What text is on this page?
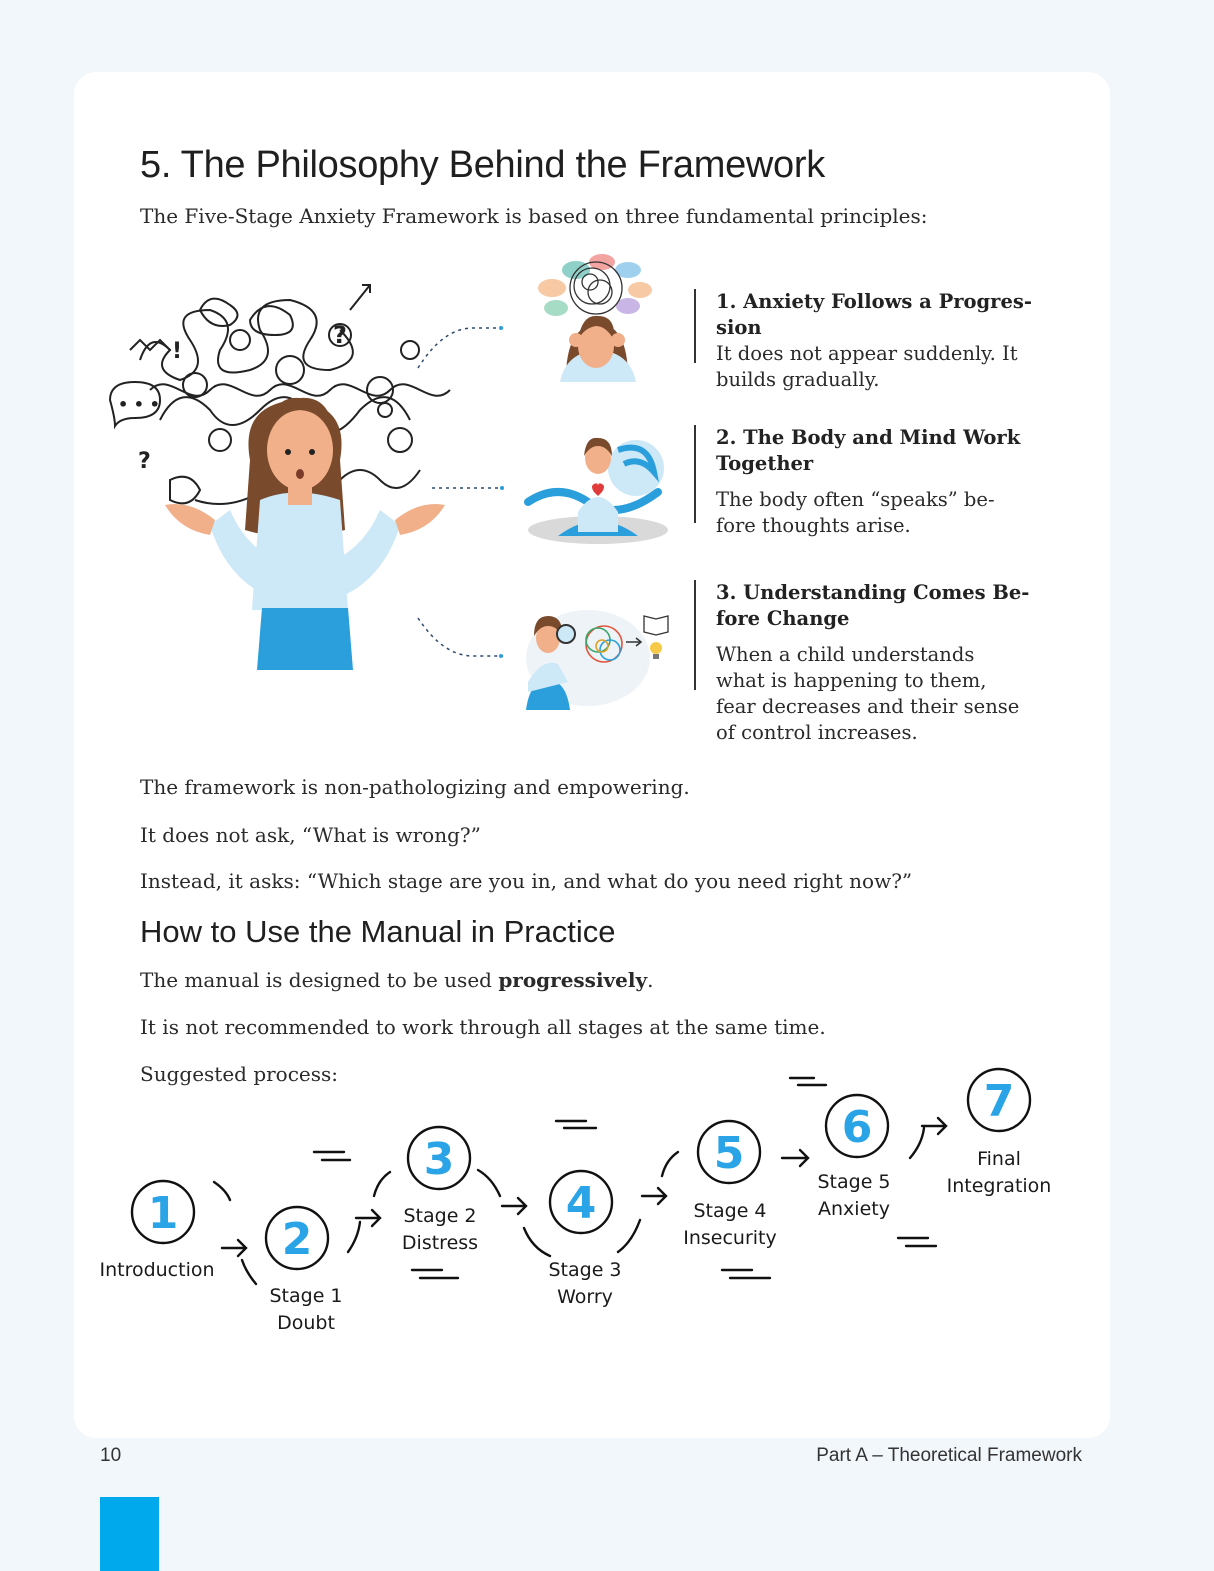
5. The Philosophy Behind the Framework

The Five-Stage Anxiety Framework is based on three fundamental principles:

?
?
!
• • •

1. Anxiety Follows a Progres-

sion

It does not appear suddenly. It

builds gradually.

2. The Body and Mind Work

Together

The body often “speaks” be-

fore thoughts arise.

3. Understanding Comes Be-

fore Change

When a child understands

what is happening to them,

fear decreases and their sense

of control increases.

The framework is non-pathologizing and empowering.

It does not ask, “What is wrong?”

Instead, it asks: “Which stage are you in, and what do you need right now?”

How to Use the Manual in Practice

The manual is designed to be used progressively.

It is not recommended to work through all stages at the same time.

Suggested process:

1
2
3
4
5
6
7
Introduction
Stage 1
Doubt
Stage 2
Distress
Stage 3
Worry
Stage 4
Insecurity
Stage 5
Anxiety
Final
Integration
10	Part A – Theoretical Framework
